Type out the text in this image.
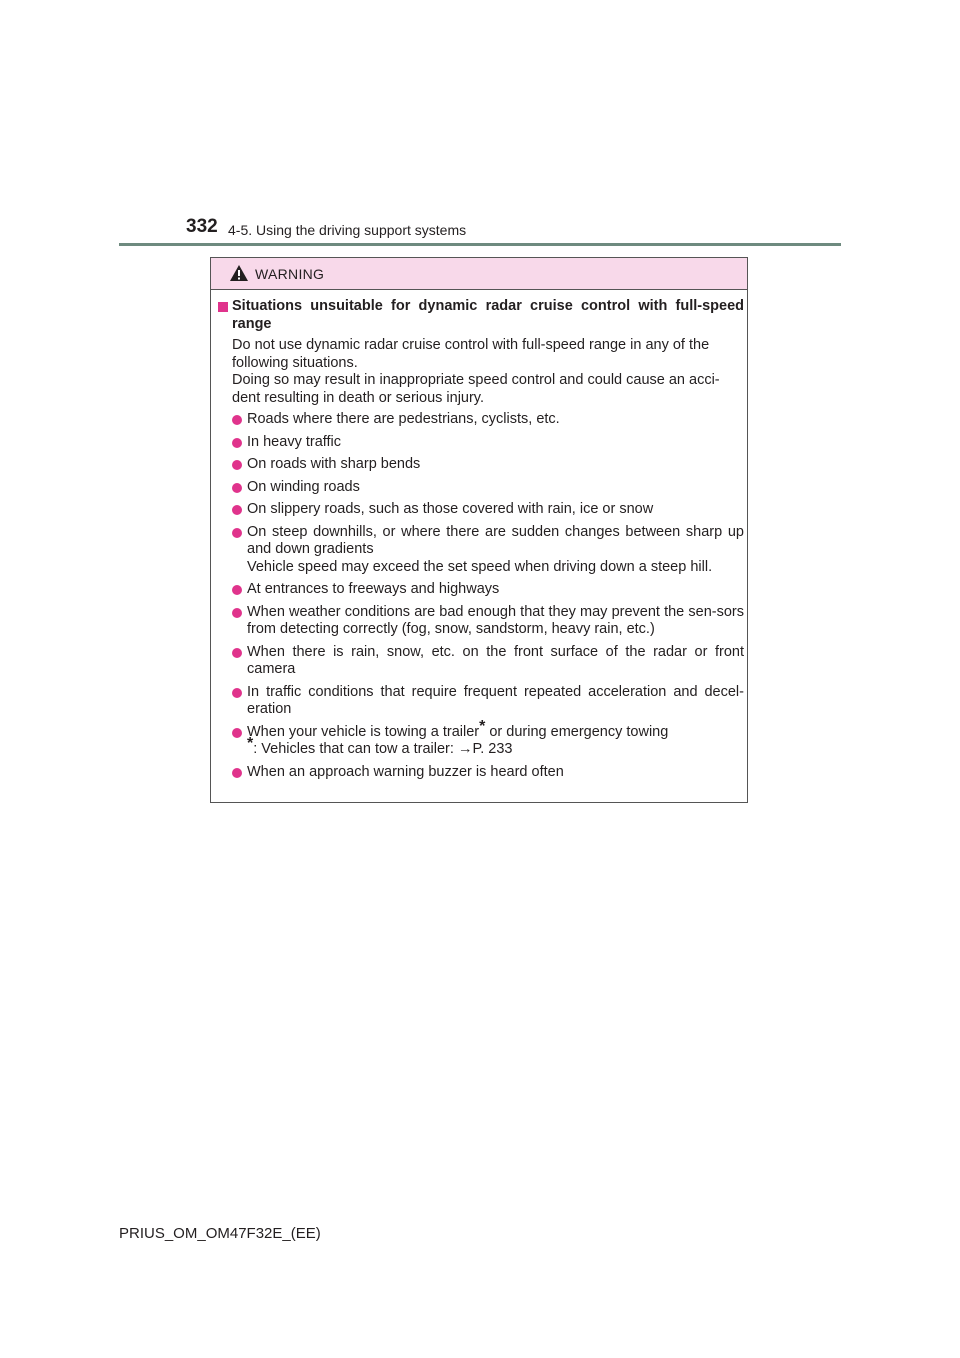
332 4-5. Using the driving support systems
WARNING
Situations unsuitable for dynamic radar cruise control with full-speed range

Do not use dynamic radar cruise control with full-speed range in any of the following situations.

Doing so may result in inappropriate speed control and could cause an acci-dent resulting in death or serious injury.

Roads where there are pedestrians, cyclists, etc.

In heavy traffic

On roads with sharp bends

On winding roads

On slippery roads, such as those covered with rain, ice or snow

On steep downhills, or where there are sudden changes between sharp up and down gradients

Vehicle speed may exceed the set speed when driving down a steep hill.

At entrances to freeways and highways

When weather conditions are bad enough that they may prevent the sen-sors from detecting correctly (fog, snow, sandstorm, heavy rain, etc.)

When there is rain, snow, etc. on the front surface of the radar or front camera

In traffic conditions that require frequent repeated acceleration and decel-eration

When your vehicle is towing a trailer* or during emergency towing

*: Vehicles that can tow a trailer: →P. 233

When an approach warning buzzer is heard often

PRIUS_OM_OM47F32E_(EE)
